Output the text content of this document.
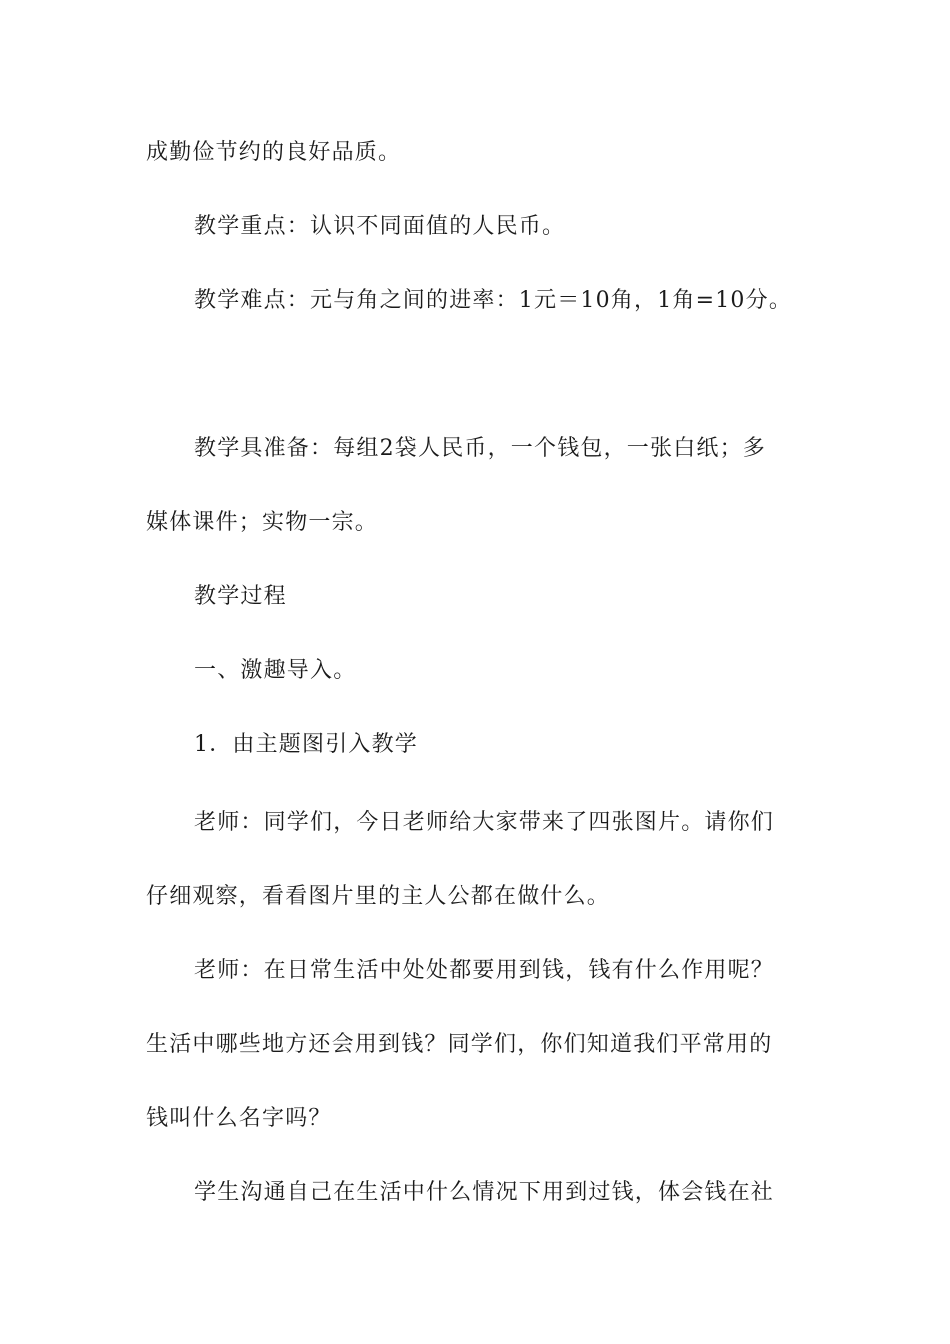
成勤俭节约的良好品质。
教学重点：认识不同面值的人民币。
教学难点：元与角之间的进率：1元＝10角，1角=10分。
教学具准备：每组2袋人民币，一个钱包，一张白纸；多
媒体课件；实物一宗。
教学过程
一、激趣导入。
1．由主题图引入教学
老师：同学们，今日老师给大家带来了四张图片。请你们
仔细观察，看看图片里的主人公都在做什么。
老师：在日常生活中处处都要用到钱，钱有什么作用呢？
生活中哪些地方还会用到钱？同学们，你们知道我们平常用的
钱叫什么名字吗？
学生沟通自己在生活中什么情况下用到过钱，体会钱在社
